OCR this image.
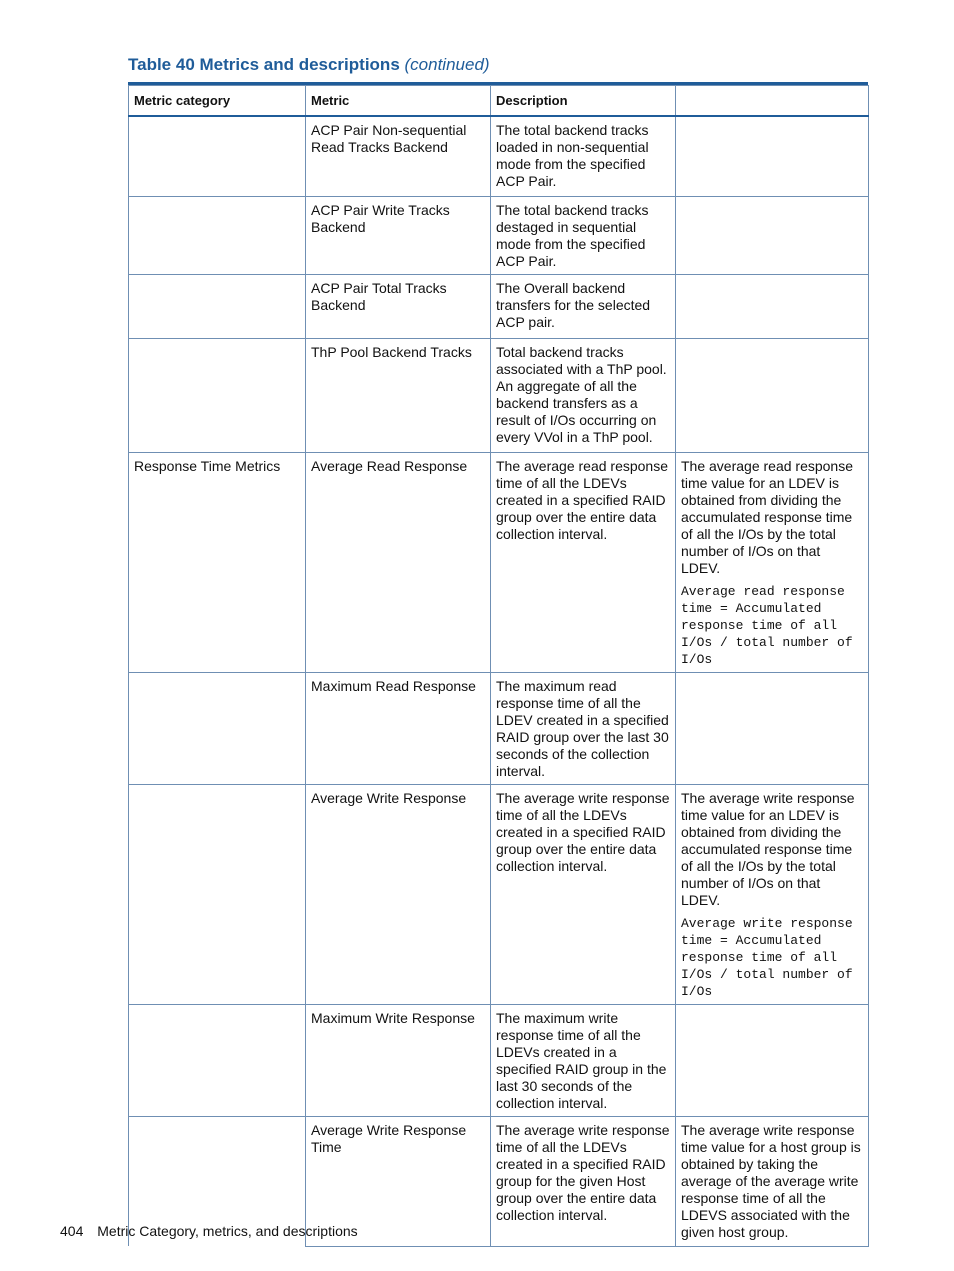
Table 40 Metrics and descriptions (continued)
Metric category	Metric	Description	
	ACP Pair Non-sequential Read Tracks Backend	The total backend tracks loaded in non-sequential mode from the specified ACP Pair.	

	ACP Pair Write Tracks Backend	The total backend tracks destaged in sequential mode from the specified ACP Pair.	

	ACP Pair Total Tracks Backend	The Overall backend transfers for the selected ACP pair.	

	ThP Pool Backend Tracks	Total backend tracks associated with a ThP pool. An aggregate of all the backend transfers as a result of I/Os occurring on every VVol in a ThP pool.	

Response Time Metrics	Average Read Response	The average read response time of all the LDEVs created in a specified RAID group over the entire data collection interval.	The average read response time value for an LDEV is obtained from dividing the accumulated response time of all the I/Os by the total number of I/Os on that LDEV.
Average read response time = Accumulated response time of all I/Os / total number of I/Os

	Maximum Read Response	The maximum read response time of all the LDEV created in a specified RAID group over the last 30 seconds of the collection interval.	

	Average Write Response	The average write response time of all the LDEVs created in a specified RAID group over the entire data collection interval.	The average write response time value for an LDEV is obtained from dividing the accumulated response time of all the I/Os by the total number of I/Os on that LDEV.
Average write response time = Accumulated response time of all I/Os / total number of I/Os

	Maximum Write Response	The maximum write response time of all the LDEVs created in a specified RAID group in the last 30 seconds of the collection interval.	

	Average Write Response Time	The average write response time of all the LDEVs created in a specified RAID group for the given Host group over the entire data collection interval.	The average write response time value for a host group is obtained by taking the average of the average write response time of all the LDEVS associated with the given host group.
404 Metric Category, metrics, and descriptions
